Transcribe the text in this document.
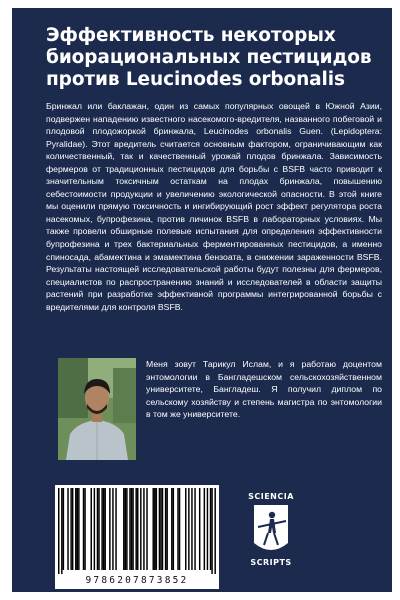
Эффективность некоторых биорациональных пестицидов против Leucinodes orbonalis

Бринжал или баклажан, один из самых популярных овощей в Южной Азии, подвержен нападению известного насекомого-вредителя, названного побеговой и плодовой плодожоркой бринжала, Leucinodes orbonalis Guen. (Lepidoptera: Pyralidae). Этот вредитель считается основным фактором, ограничивающим как количественный, так и качественный урожай плодов бринжала. Зависимость фермеров от традиционных пестицидов для борьбы с BSFB часто приводит к значительным токсичным остаткам на плодах бринжала, повышению себестоимости продукции и увеличению экологической опасности. В этой книге мы оценили прямую токсичность и ингибирующий рост эффект регулятора роста насекомых, бупрофезина, против личинок BSFB в лабораторных условиях. Мы также провели обширные полевые испытания для определения эффективности бупрофезина и трех бактериальных ферментированных пестицидов, а именно спиносада, абамектина и эмамектина бензоата, в снижении зараженности BSFB. Результаты настоящей исследовательской работы будут полезны для фермеров, специалистов по распространению знаний и исследователей в области защиты растений при разработке эффективной программы интегрированной борьбы с вредителями для контроля BSFB.

Меня зовут Тарикул Ислам, и я работаю доцентом энтомологии в Бангладешском сельскохозяйственном университете, Бангладеш. Я получил диплом по сельскому хозяйству и степень магистра по энтомологии в том же университете.

9786207873852
SCIENCIA
SCRIPTS
